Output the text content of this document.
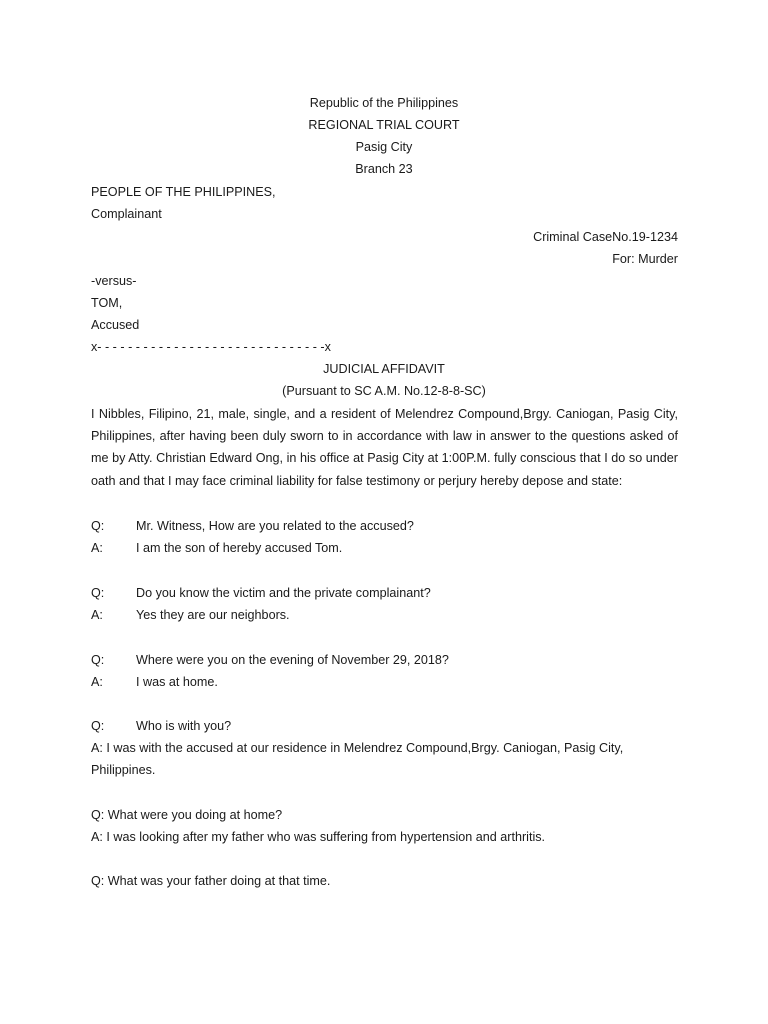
Republic of the Philippines
REGIONAL TRIAL COURT
Pasig City
Branch 23
PEOPLE OF THE PHILIPPINES,
Complainant
Criminal CaseNo.19-1234
For: Murder
-versus-
TOM,
Accused
x- - - - - - - - - - - - - - - - - - - - - - - - - - - - - -x
JUDICIAL AFFIDAVIT
(Pursuant to SC A.M. No.12-8-8-SC)
I Nibbles, Filipino, 21, male, single, and a resident of Melendrez Compound,Brgy. Caniogan, Pasig City, Philippines, after having been duly sworn to in accordance with law in answer to the questions asked of me by Atty. Christian Edward Ong, in his office at Pasig City at 1:00P.M. fully conscious that I do so under oath and that I may face criminal liability for false testimony or perjury hereby depose and state:
Q:	Mr. Witness, How are you related to the accused?
A:	I am the son of hereby accused Tom.
Q:	Do you know the victim and the private complainant?
A:	Yes they are our neighbors.
Q:	Where were you on the evening of November 29, 2018?
A:	I was at home.
Q:	Who is with you?
A: I was with the accused at our residence in Melendrez Compound,Brgy. Caniogan, Pasig City, Philippines.
Q: What were you doing at home?
A: I was looking after my father who was suffering from hypertension and arthritis.
Q: What was your father doing at that time.
